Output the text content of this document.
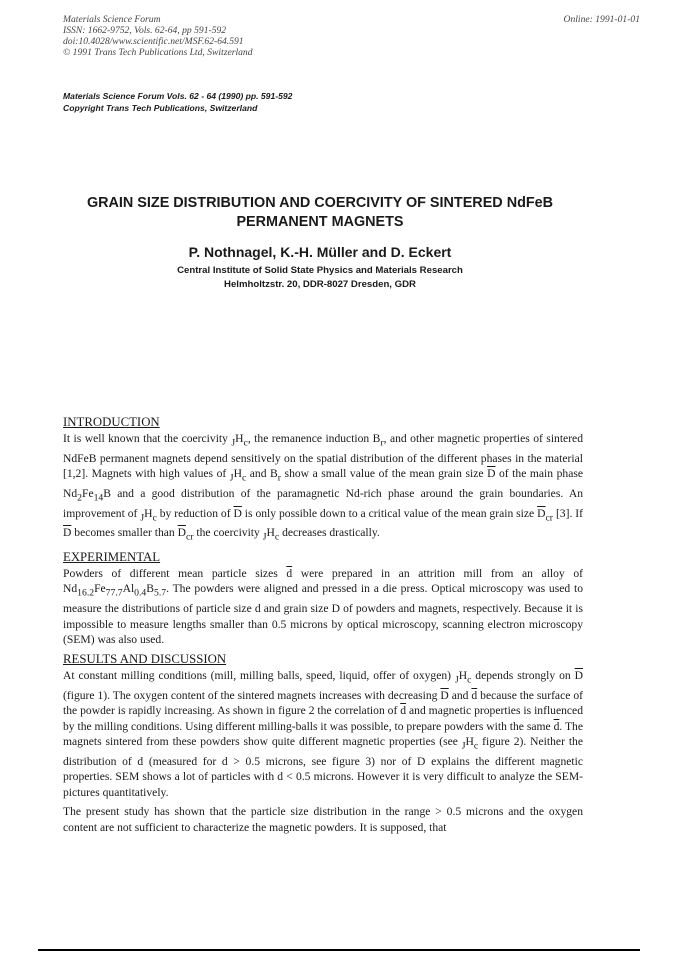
Materials Science Forum
ISSN: 1662-9752, Vols. 62-64, pp 591-592
doi:10.4028/www.scientific.net/MSF.62-64.591
© 1991 Trans Tech Publications Ltd, Switzerland
Online: 1991-01-01
Materials Science Forum Vols. 62 - 64 (1990) pp. 591-592
Copyright Trans Tech Publications, Switzerland
GRAIN SIZE DISTRIBUTION AND COERCIVITY OF SINTERED NdFeB
PERMANENT MAGNETS
P. Nothnagel, K.-H. Müller and D. Eckert
Central Institute of Solid State Physics and Materials Research
Helmholtzstr. 20, DDR-8027 Dresden, GDR
INTRODUCTION

It is well known that the coercivity $_JH_c$, the remanence induction $B_r$, and other magnetic properties of sintered NdFeB permanent magnets depend sensitively on the spatial distribution of the different phases in the material [1,2]. Magnets with high values of $_JH_c$ and $B_r$ show a small value of the mean grain size $\overline{D}$ of the main phase $Nd_2Fe_{14}B$ and a good distribution of the paramagnetic Nd-rich phase around the grain boundaries. An improvement of $_JH_c$ by reduction of $\overline{D}$ is only possible down to a critical value of the mean grain size $\overline{D}_{cr}$ [3]. If $\overline{D}$ becomes smaller than $\overline{D}_{cr}$ the coercivity $_JH_c$ decreases drastically.

EXPERIMENTAL

Powders of different mean particle sizes $\overline{d}$ were prepared in an attrition mill from an alloy of $Nd_{16.2}Fe_{77.7}Al_{0.4}B_{5.7}$. The powders were aligned and pressed in a die press. Optical microscopy was used to measure the distributions of particle size d and grain size D of powders and magnets, respectively. Because it is impossible to measure lengths smaller than 0.5 microns by optical microscopy, scanning electron microscopy (SEM) was also used.

RESULTS AND DISCUSSION

At constant milling conditions (mill, milling balls, speed, liquid, offer of oxygen) $_JH_c$ depends strongly on $\overline{D}$ (figure 1). The oxygen content of the sintered magnets increases with decreasing $\overline{D}$ and $\overline{d}$ because the surface of the powder is rapidly increasing. As shown in figure 2 the correlation of $\overline{d}$ and magnetic properties is influenced by the milling conditions. Using different milling-balls it was possible, to prepare powders with the same $\overline{d}$. The magnets sintered from these powders show quite different magnetic properties (see $_JH_c$ figure 2). Neither the distribution of d (measured for d > 0.5 microns, see figure 3) nor of D explains the different magnetic properties. SEM shows a lot of particles with d < 0.5 microns. However it is very difficult to analyze the SEM-pictures quantitatively.

The present study has shown that the particle size distribution in the range > 0.5 microns and the oxygen content are not sufficient to characterize the magnetic powders. It is supposed, that
